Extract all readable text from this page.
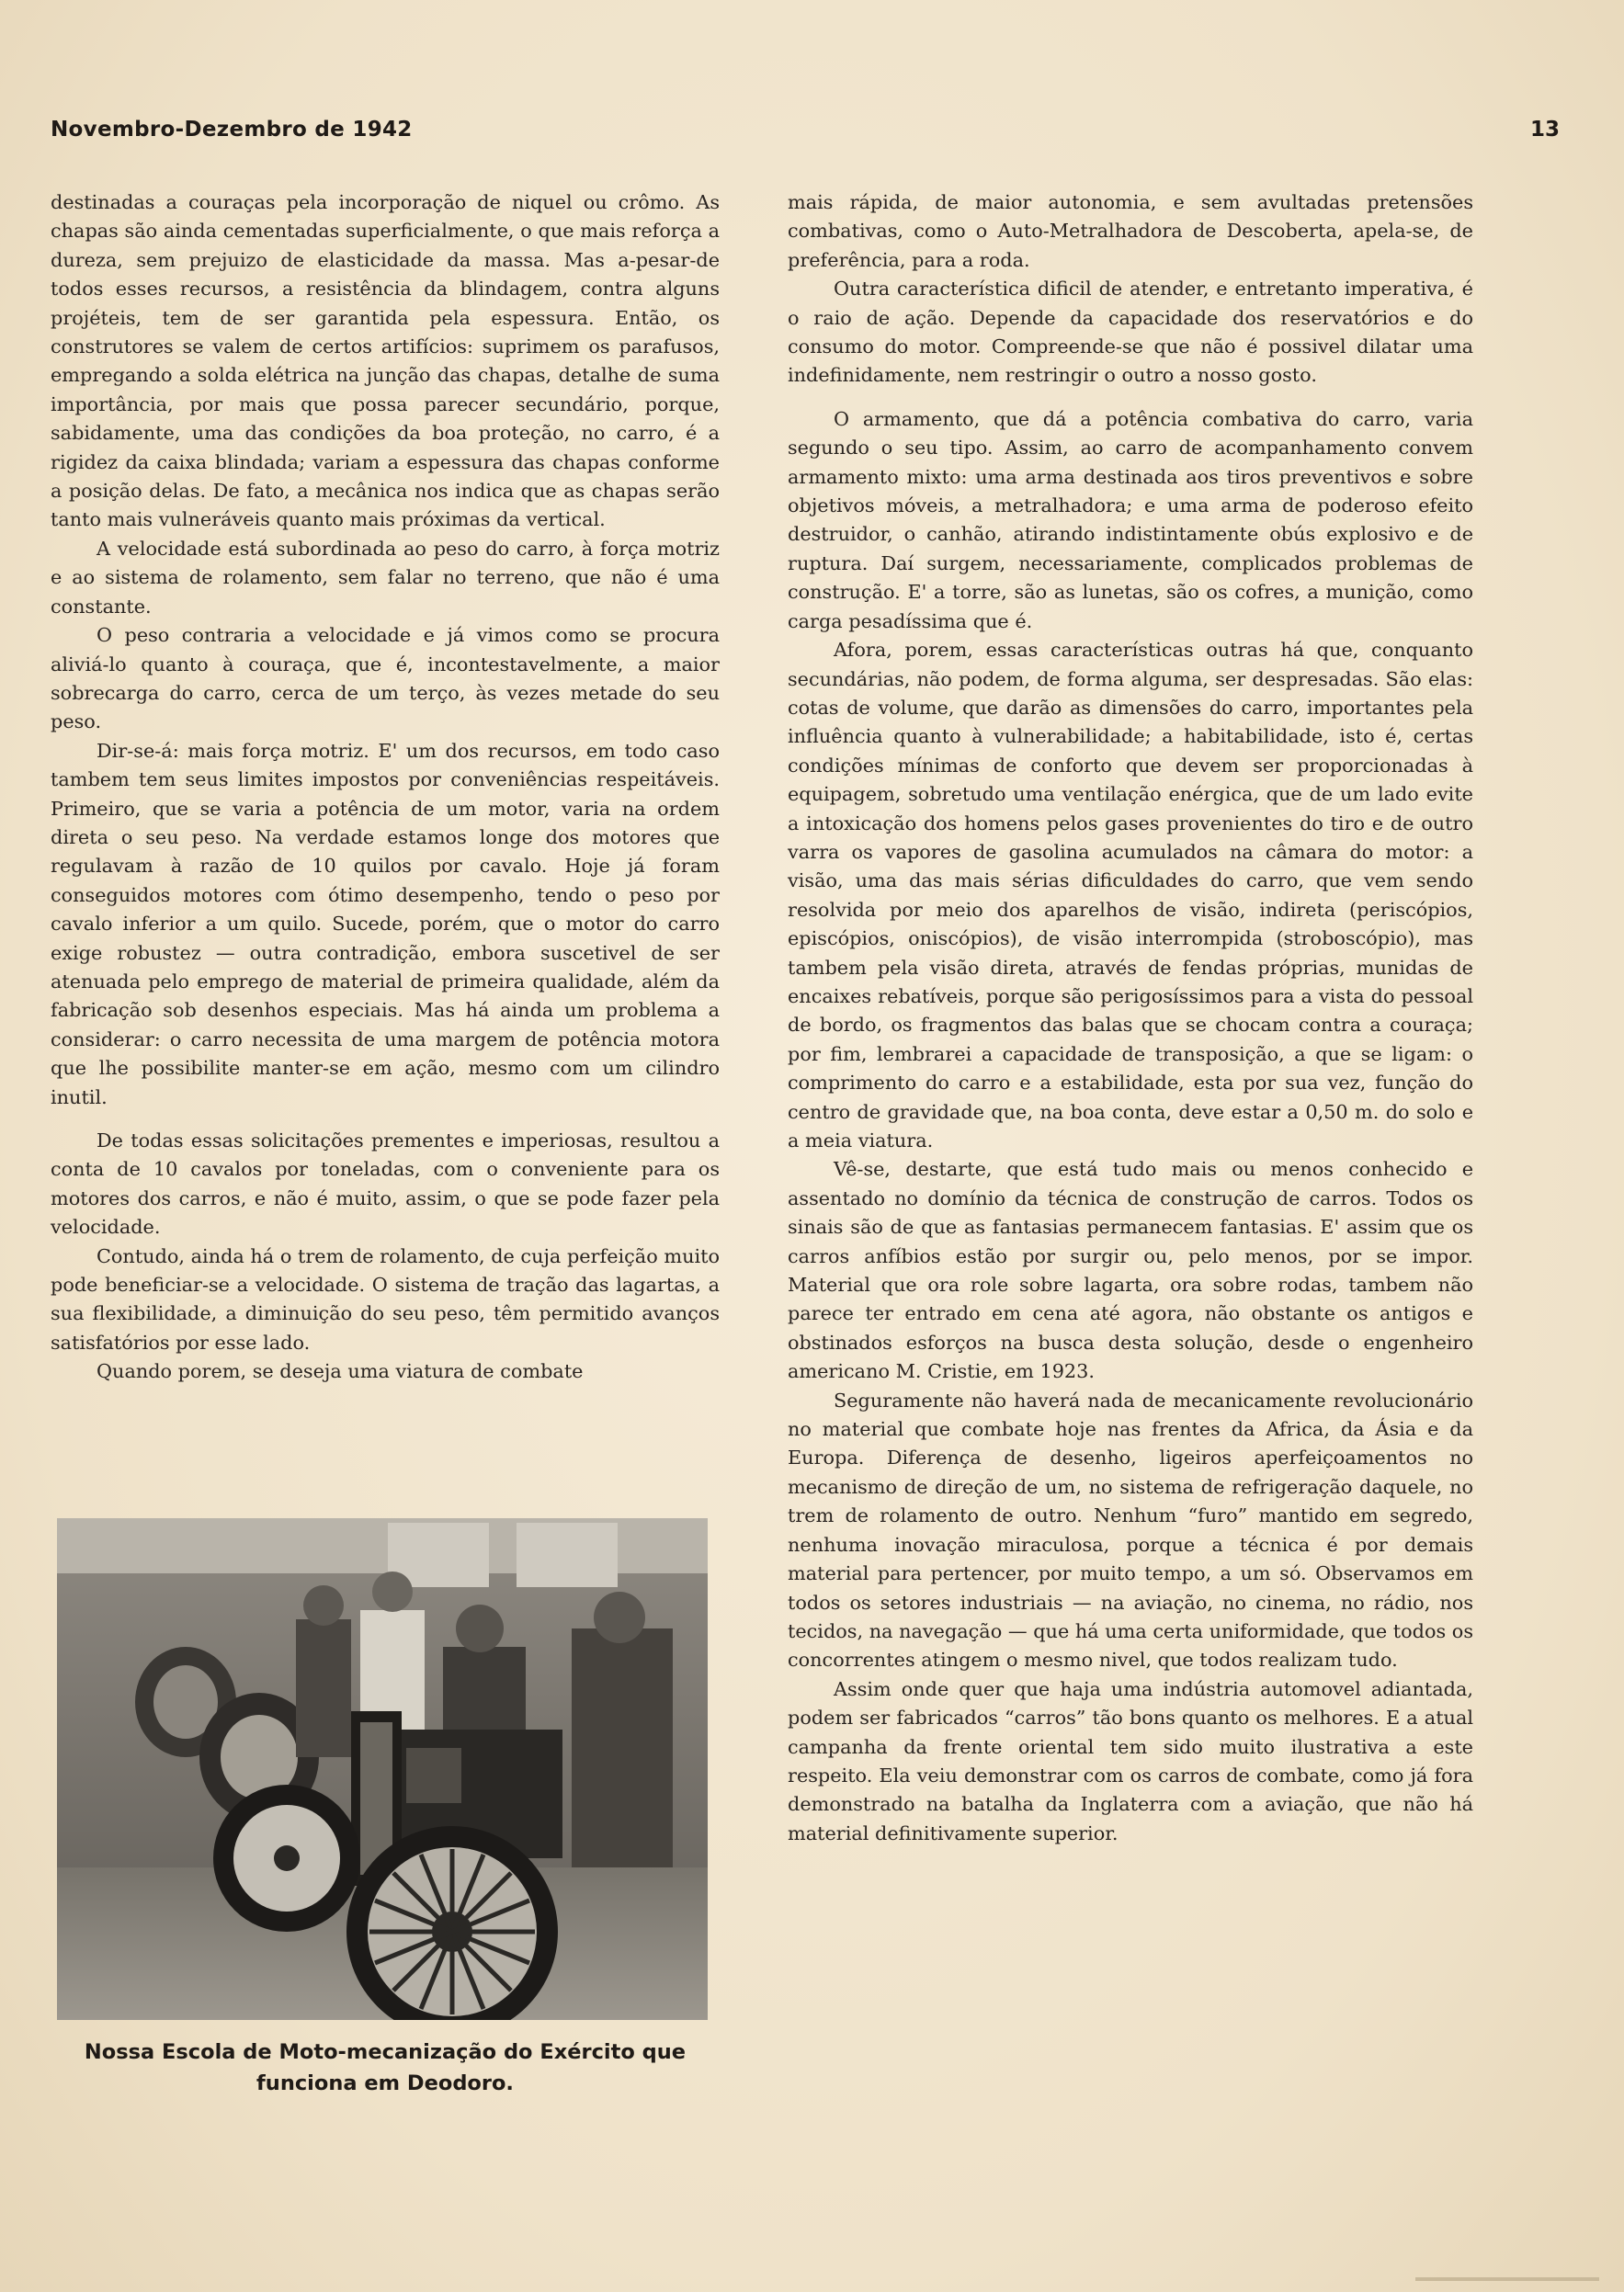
Novembro-Dezembro de 1942	13

destinadas a couraças pela incorporação de niquel ou crômo. As chapas são ainda cementadas superficialmente, o que mais reforça a dureza, sem prejuizo de elasticidade da massa. Mas a-pesar-de todos esses recursos, a resistência da blindagem, contra alguns projéteis, tem de ser garantida pela espessura. Então, os construtores se valem de certos artifícios: suprimem os parafusos, empregando a solda elétrica na junção das chapas, detalhe de suma importância, por mais que possa parecer secundário, porque, sabidamente, uma das condições da boa proteção, no carro, é a rigidez da caixa blindada; variam a espessura das chapas conforme a posição delas. De fato, a mecânica nos indica que as chapas serão tanto mais vulneráveis quanto mais próximas da vertical.

A velocidade está subordinada ao peso do carro, à força motriz e ao sistema de rolamento, sem falar no terreno, que não é uma constante.

O peso contraria a velocidade e já vimos como se procura aliviá-lo quanto à couraça, que é, incontestavelmente, a maior sobrecarga do carro, cerca de um terço, às vezes metade do seu peso.

Dir-se-á: mais força motriz. E' um dos recursos, em todo caso tambem tem seus limites impostos por conveniências respeitáveis. Primeiro, que se varia a potência de um motor, varia na ordem direta o seu peso. Na verdade estamos longe dos motores que regulavam à razão de 10 quilos por cavalo. Hoje já foram conseguidos motores com ótimo desempenho, tendo o peso por cavalo inferior a um quilo. Sucede, porém, que o motor do carro exige robustez — outra contradição, embora suscetivel de ser atenuada pelo emprego de material de primeira qualidade, além da fabricação sob desenhos especiais. Mas há ainda um problema a considerar: o carro necessita de uma margem de potência motora que lhe possibilite manter-se em ação, mesmo com um cilindro inutil.

De todas essas solicitações prementes e imperiosas, resultou a conta de 10 cavalos por toneladas, com o conveniente para os motores dos carros, e não é muito, assim, o que se pode fazer pela velocidade.

Contudo, ainda há o trem de rolamento, de cuja perfeição muito pode beneficiar-se a velocidade. O sistema de tração das lagartas, a sua flexibilidade, a diminuição do seu peso, têm permitido avanços satisfatórios por esse lado.

Quando porem, se deseja uma viatura de combate

Nossa Escola de Moto-mecanização do Exército que funciona em Deodoro.

mais rápida, de maior autonomia, e sem avultadas pretensões combativas, como o Auto-Metralhadora de Descoberta, apela-se, de preferência, para a roda.

Outra característica dificil de atender, e entretanto imperativa, é o raio de ação. Depende da capacidade dos reservatórios e do consumo do motor. Compreende-se que não é possivel dilatar uma indefinidamente, nem restringir o outro a nosso gosto.

O armamento, que dá a potência combativa do carro, varia segundo o seu tipo. Assim, ao carro de acompanhamento convem armamento mixto: uma arma destinada aos tiros preventivos e sobre objetivos móveis, a metralhadora; e uma arma de poderoso efeito destruidor, o canhão, atirando indistintamente obús explosivo e de ruptura. Daí surgem, necessariamente, complicados problemas de construção. E' a torre, são as lunetas, são os cofres, a munição, como carga pesadíssima que é.

Afora, porem, essas características outras há que, conquanto secundárias, não podem, de forma alguma, ser despresadas. São elas: cotas de volume, que darão as dimensões do carro, importantes pela influência quanto à vulnerabilidade; a habitabilidade, isto é, certas condições mínimas de conforto que devem ser proporcionadas à equipagem, sobretudo uma ventilação enérgica, que de um lado evite a intoxicação dos homens pelos gases provenientes do tiro e de outro varra os vapores de gasolina acumulados na câmara do motor: a visão, uma das mais sérias dificuldades do carro, que vem sendo resolvida por meio dos aparelhos de visão, indireta (periscópios, episcópios, oniscópios), de visão interrompida (stroboscópio), mas tambem pela visão direta, através de fendas próprias, munidas de encaixes rebatíveis, porque são perigosíssimos para a vista do pessoal de bordo, os fragmentos das balas que se chocam contra a couraça; por fim, lembrarei a capacidade de transposição, a que se ligam: o comprimento do carro e a estabilidade, esta por sua vez, função do centro de gravidade que, na boa conta, deve estar a 0,50 m. do solo e a meia viatura.

Vê-se, destarte, que está tudo mais ou menos conhecido e assentado no domínio da técnica de construção de carros. Todos os sinais são de que as fantasias permanecem fantasias. E' assim que os carros anfíbios estão por surgir ou, pelo menos, por se impor. Material que ora role sobre lagarta, ora sobre rodas, tambem não parece ter entrado em cena até agora, não obstante os antigos e obstinados esforços na busca desta solução, desde o engenheiro americano M. Cristie, em 1923.

Seguramente não haverá nada de mecanicamente revolucionário no material que combate hoje nas frentes da Africa, da Ásia e da Europa. Diferença de desenho, ligeiros aperfeiçoamentos no mecanismo de direção de um, no sistema de refrigeração daquele, no trem de rolamento de outro. Nenhum “furo” mantido em segredo, nenhuma inovação miraculosa, porque a técnica é por demais material para pertencer, por muito tempo, a um só. Observamos em todos os setores industriais — na aviação, no cinema, no rádio, nos tecidos, na navegação — que há uma certa uniformidade, que todos os concorrentes atingem o mesmo nivel, que todos realizam tudo.

Assim onde quer que haja uma indústria automovel adiantada, podem ser fabricados “carros” tão bons quanto os melhores. E a atual campanha da frente oriental tem sido muito ilustrativa a este respeito. Ela veiu demonstrar com os carros de combate, como já fora demonstrado na batalha da Inglaterra com a aviação, que não há material definitivamente superior.
